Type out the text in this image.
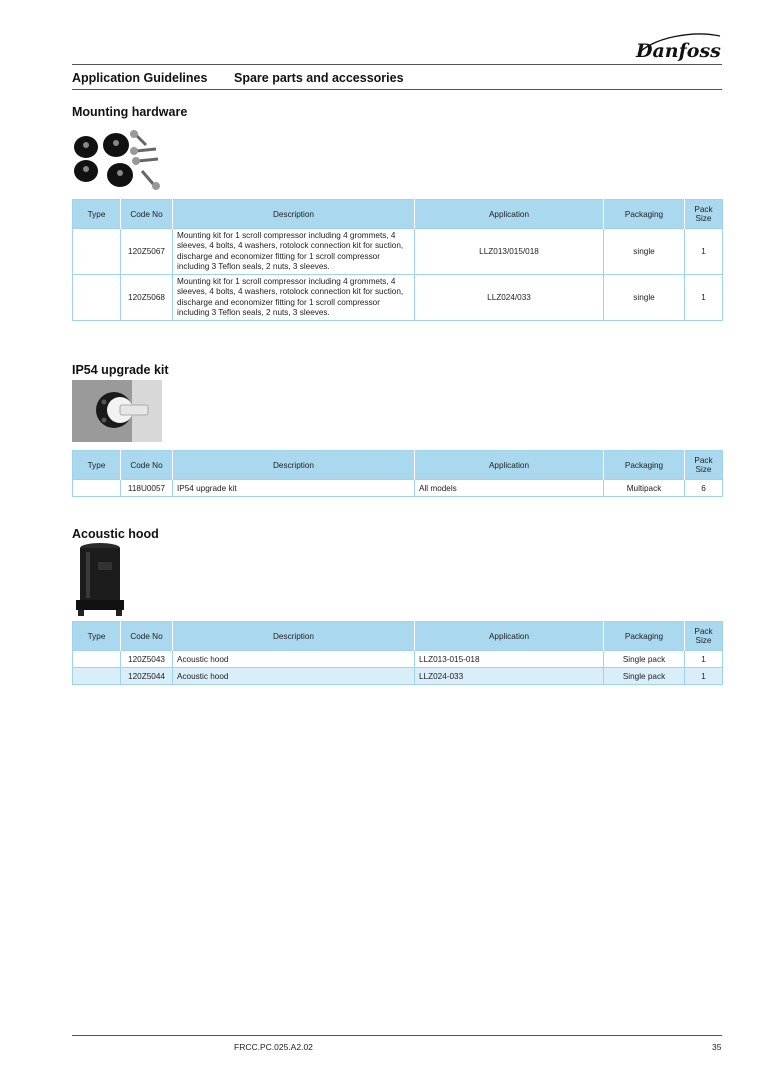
Danfoss
Application Guidelines Spare parts and accessories
Mounting hardware
Type	Code No	Description	Application	Packaging	Pack Size
	120Z5067	Mounting kit for 1 scroll compressor including 4 grommets, 4 sleeves, 4 bolts, 4 washers, rotolock connection kit for suction, discharge and economizer fitting for 1 scroll compressor including 3 Teflon seals, 2 nuts, 3 sleeves.	LLZ013/015/018	single	1
	120Z5068	Mounting kit for 1 scroll compressor including 4 grommets, 4 sleeves, 4 bolts, 4 washers, rotolock connection kit for suction, discharge and economizer fitting for 1 scroll compressor including 3 Teflon seals, 2 nuts, 3 sleeves.	LLZ024/033	single	1
IP54 upgrade kit
Type	Code No	Description	Application	Packaging	Pack Size
	118U0057	IP54 upgrade kit	All models	Multipack	6
Acoustic hood
Type	Code No	Description	Application	Packaging	Pack Size
	120Z5043	Acoustic hood	LLZ013-015-018	Single pack	1
	120Z5044	Acoustic hood	LLZ024-033	Single pack	1
FRCC.PC.025.A2.02	35
